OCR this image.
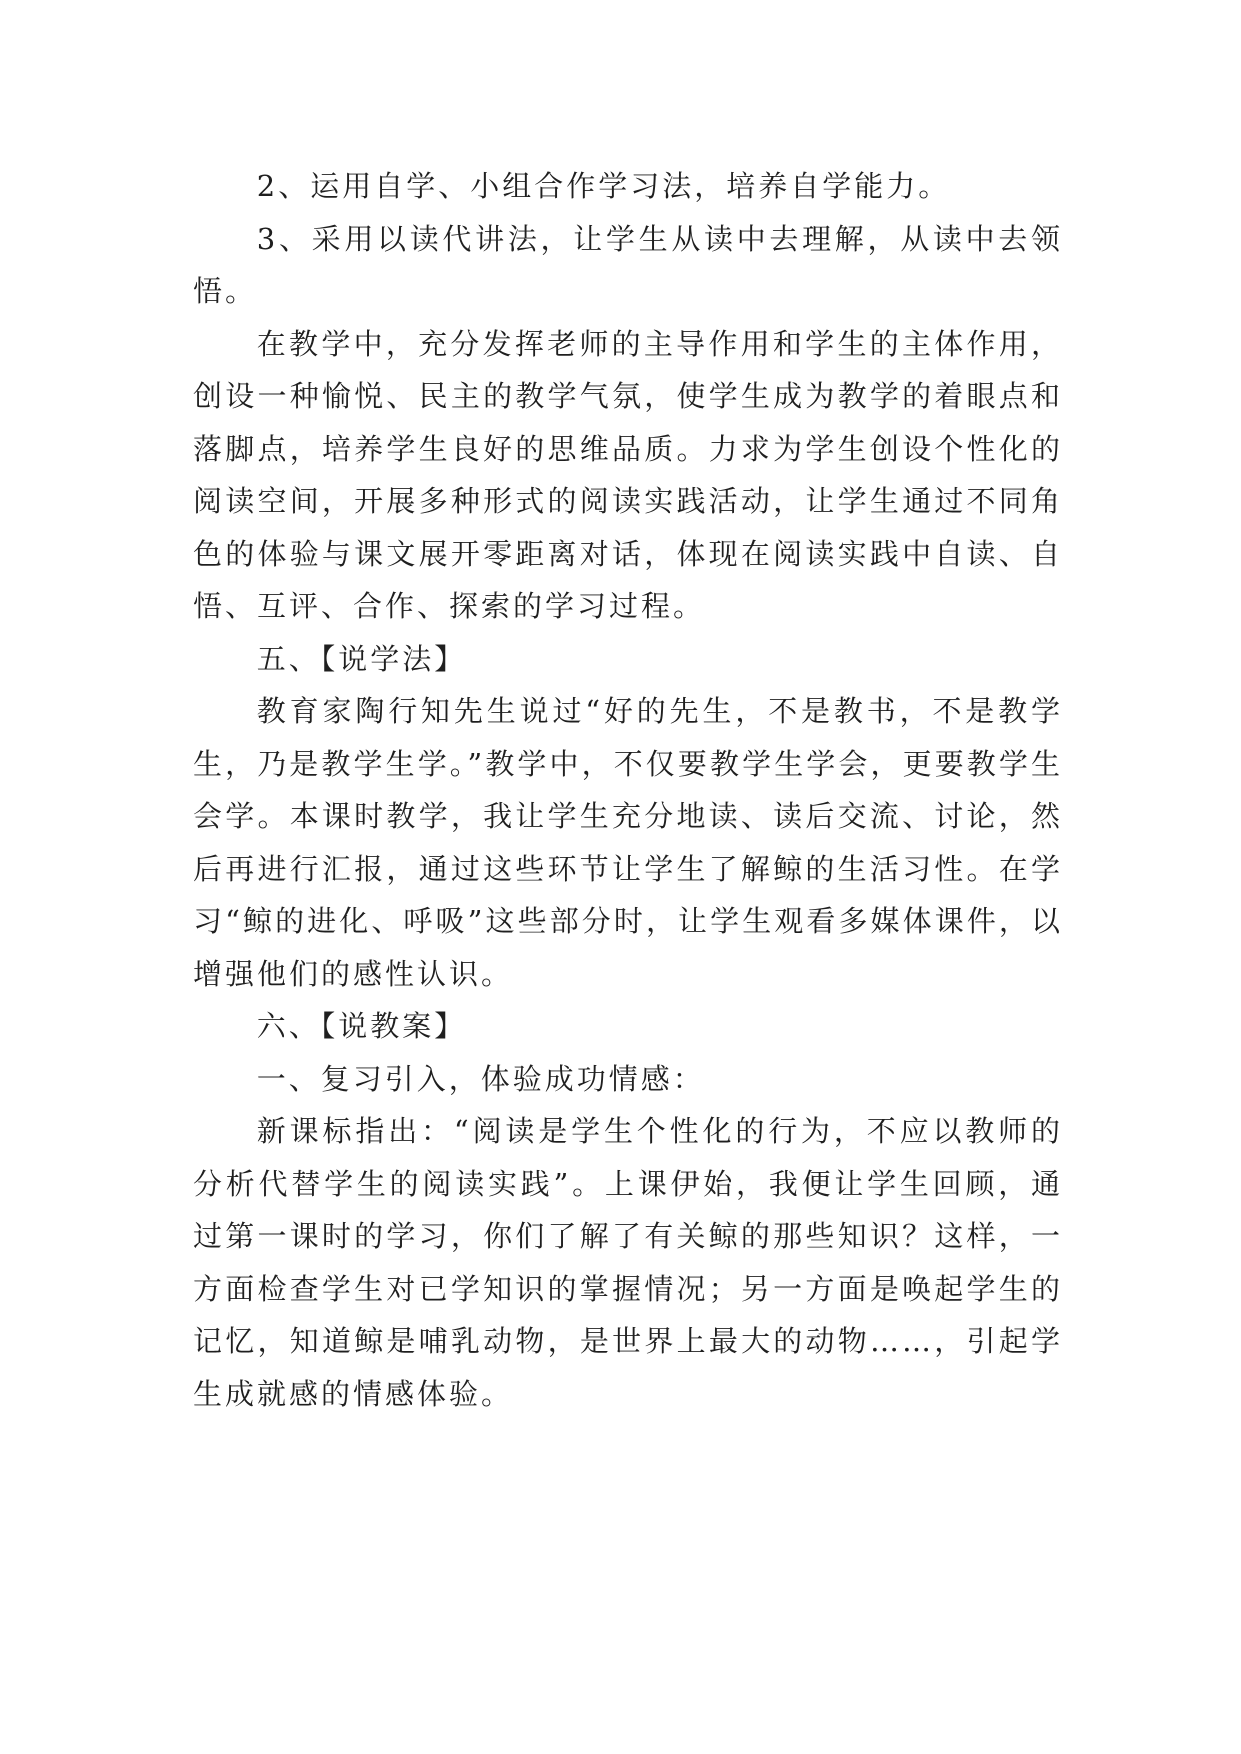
2、运用自学、小组合作学习法，培养自学能力。

3、采用以读代讲法，让学生从读中去理解，从读中去领悟。

在教学中，充分发挥老师的主导作用和学生的主体作用，创设一种愉悦、民主的教学气氛，使学生成为教学的着眼点和落脚点，培养学生良好的思维品质。力求为学生创设个性化的阅读空间，开展多种形式的阅读实践活动，让学生通过不同角色的体验与课文展开零距离对话，体现在阅读实践中自读、自悟、互评、合作、探索的学习过程。

五、【说学法】

教育家陶行知先生说过“好的先生，不是教书，不是教学生，乃是教学生学。”教学中，不仅要教学生学会，更要教学生会学。本课时教学，我让学生充分地读、读后交流、讨论，然后再进行汇报，通过这些环节让学生了解鲸的生活习性。在学习“鲸的进化、呼吸”这些部分时，让学生观看多媒体课件，以增强他们的感性认识。

六、【说教案】

一、复习引入，体验成功情感：

新课标指出：“阅读是学生个性化的行为，不应以教师的分析代替学生的阅读实践”。上课伊始，我便让学生回顾，通过第一课时的学习，你们了解了有关鲸的那些知识？这样，一方面检查学生对已学知识的掌握情况；另一方面是唤起学生的记忆，知道鲸是哺乳动物，是世界上最大的动物……，引起学生成就感的情感体验。
